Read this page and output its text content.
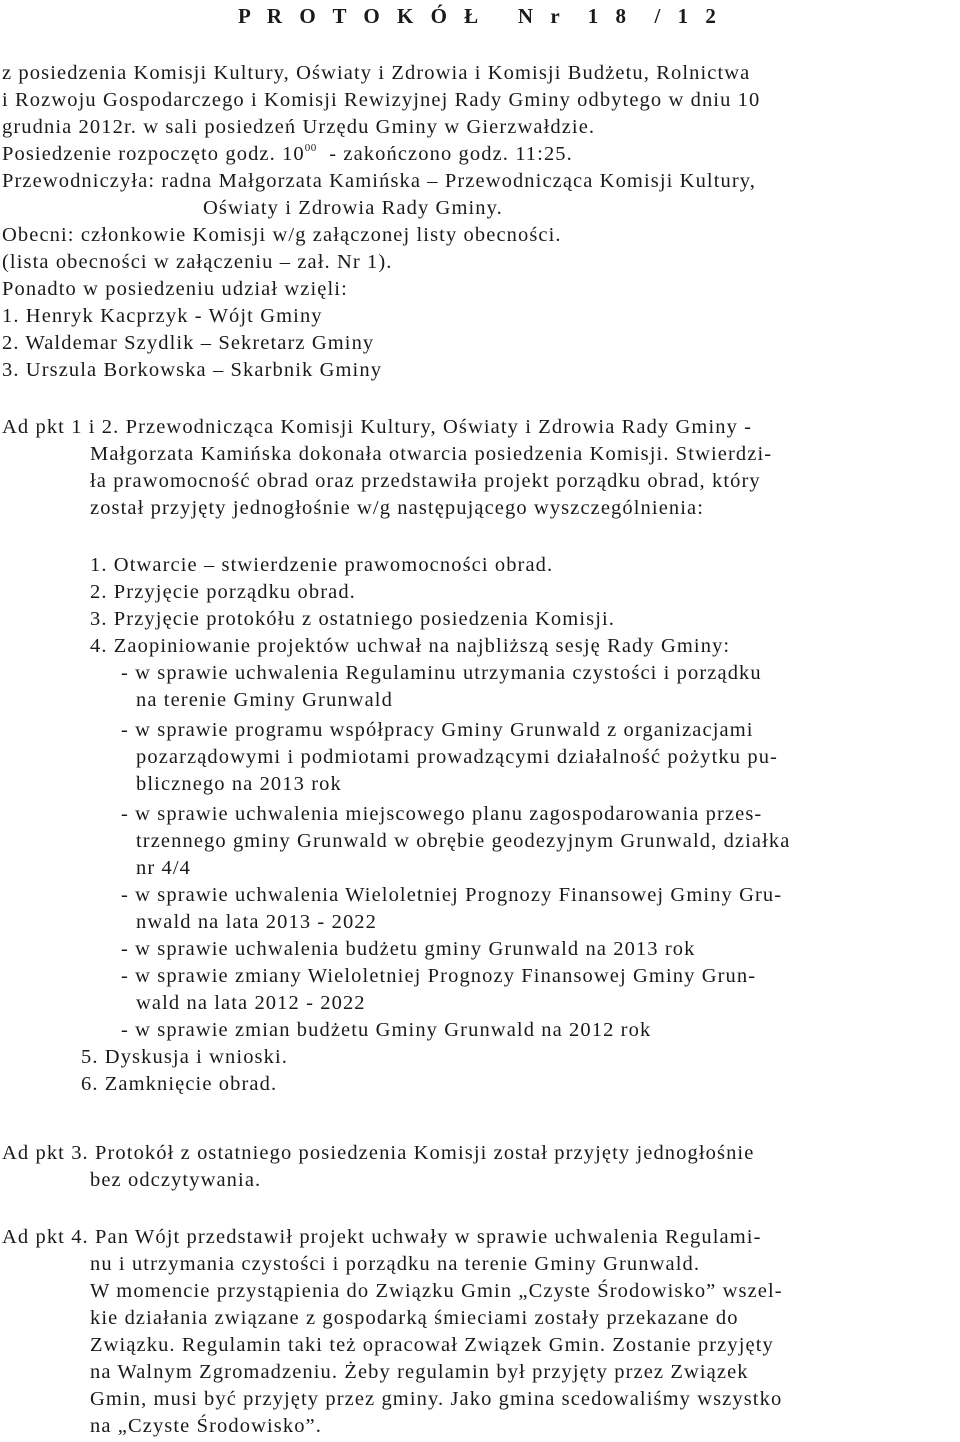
P R O T O K Ó Ł   N r  1 8  / 1 2
z posiedzenia Komisji Kultury, Oświaty i Zdrowia i Komisji Budżetu, Rolnictwa
i Rozwoju Gospodarczego i Komisji Rewizyjnej Rady Gminy odbytego w dniu 10
grudnia 2012r. w sali posiedzeń Urzędu Gminy w Gierzwałdzie.
Posiedzenie rozpoczęto godz. $10^{00}$  - zakończono godz. 11:25.
Przewodniczyła: radna Małgorzata Kamińska – Przewodnicząca Komisji Kultury,
Oświaty i Zdrowia Rady Gminy.
Obecni: członkowie Komisji w/g załączonej listy obecności.
(lista obecności w załączeniu – zał. Nr 1).
Ponadto w posiedzeniu udział wzięli:
1. Henryk Kacprzyk - Wójt Gminy
2. Waldemar Szydlik – Sekretarz Gminy
3. Urszula Borkowska – Skarbnik Gminy
Ad pkt 1 i 2. Przewodnicząca Komisji Kultury, Oświaty i Zdrowia Rady Gminy -
Małgorzata Kamińska dokonała otwarcia posiedzenia Komisji. Stwierdzi-
ła prawomocność obrad oraz przedstawiła projekt porządku obrad, który
został przyjęty jednogłośnie w/g następującego wyszczególnienia:
1. Otwarcie – stwierdzenie prawomocności obrad.
2. Przyjęcie porządku obrad.
3. Przyjęcie protokółu z ostatniego posiedzenia Komisji.
4. Zaopiniowanie projektów uchwał na najbliższą sesję Rady Gminy:
- w sprawie uchwalenia Regulaminu utrzymania czystości i porządku
na terenie Gminy Grunwald
- w sprawie programu współpracy Gminy Grunwald z organizacjami
pozarządowymi i podmiotami prowadzącymi działalność pożytku pu-
blicznego na 2013 rok
- w sprawie uchwalenia miejscowego planu zagospodarowania przes-
trzennego gminy Grunwald w obrębie geodezyjnym Grunwald, działka
nr 4/4
- w sprawie uchwalenia Wieloletniej Prognozy Finansowej Gminy Gru-
nwald na lata 2013 - 2022
- w sprawie uchwalenia budżetu gminy Grunwald na 2013 rok
- w sprawie zmiany Wieloletniej Prognozy Finansowej Gminy Grun-
wald na lata 2012 - 2022
- w sprawie zmian budżetu Gminy Grunwald na 2012 rok
5. Dyskusja i wnioski.
6. Zamknięcie obrad.
Ad pkt 3. Protokół z ostatniego posiedzenia Komisji został przyjęty jednogłośnie
bez odczytywania.
Ad pkt 4. Pan Wójt przedstawił projekt uchwały w sprawie uchwalenia Regulami-
nu i utrzymania czystości i porządku na terenie Gminy Grunwald.
W momencie przystąpienia do Związku Gmin „Czyste Środowisko” wszel-
kie działania związane z gospodarką śmieciami zostały przekazane do
Związku. Regulamin taki też opracował Związek Gmin. Zostanie przyjęty
na Walnym Zgromadzeniu. Żeby regulamin był przyjęty przez Związek
Gmin, musi być przyjęty przez gminy. Jako gmina scedowaliśmy wszystko
na „Czyste Środowisko”.
